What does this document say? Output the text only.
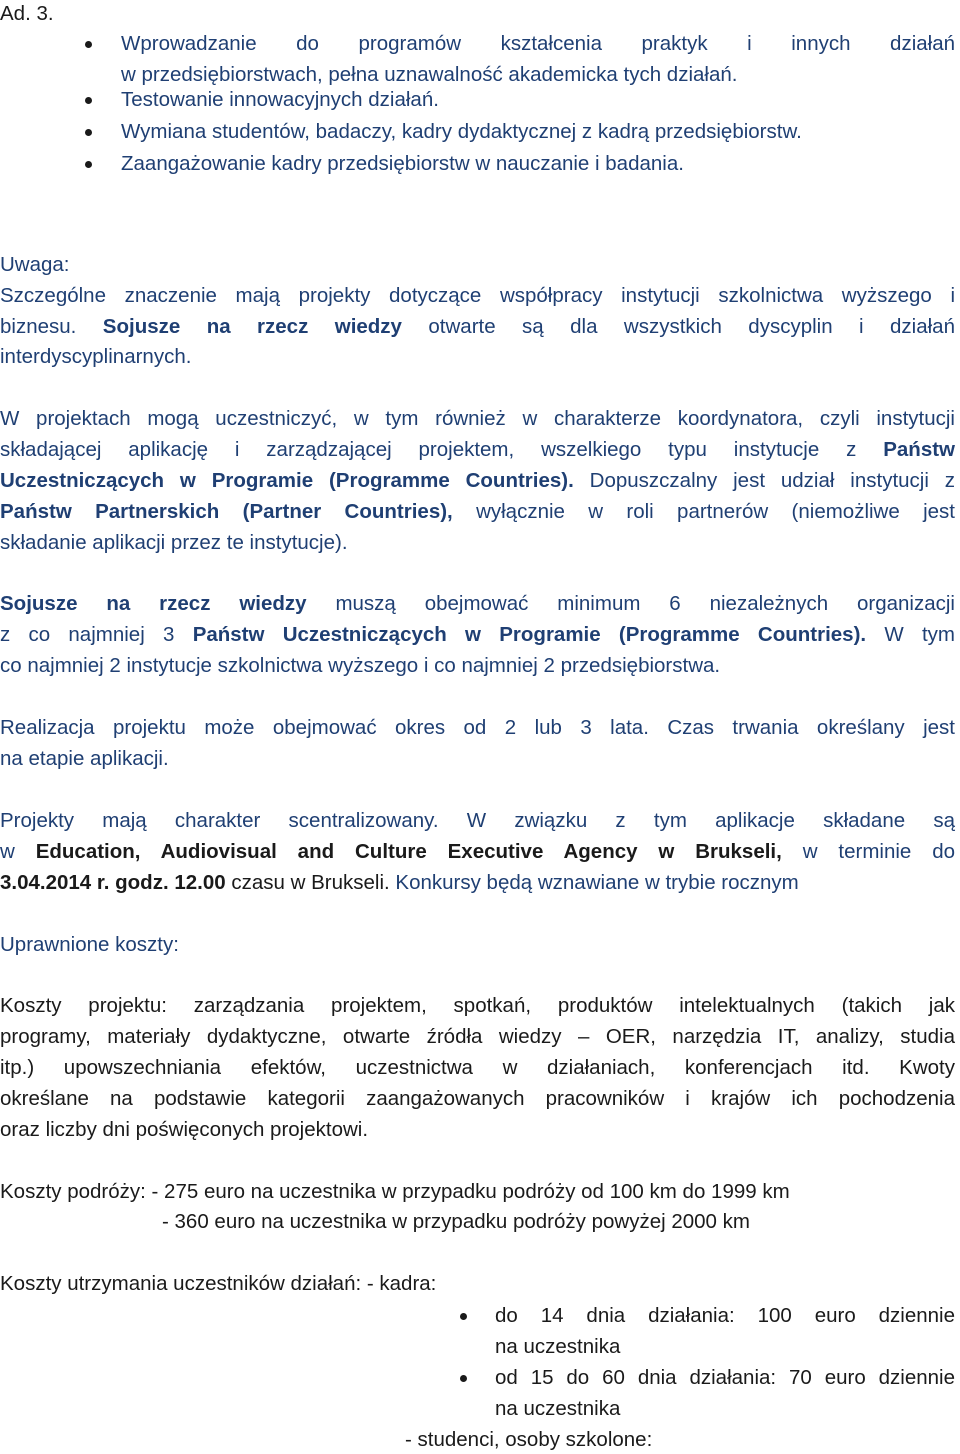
Ad. 3.
Wprowadzanie do programów kształcenia praktyk i innych działań
w przedsiębiorstwach, pełna uznawalność akademicka tych działań.
Testowanie innowacyjnych działań.
Wymiana studentów, badaczy, kadry dydaktycznej z kadrą przedsiębiorstw.
Zaangażowanie kadry przedsiębiorstw w nauczanie i badania.
Uwaga:
Szczególne znaczenie mają projekty dotyczące współpracy instytucji szkolnictwa wyższego i
biznesu. Sojusze na rzecz wiedzy otwarte są dla wszystkich dyscyplin i działań
interdyscyplinarnych.
W projektach mogą uczestniczyć, w tym również w charakterze koordynatora, czyli instytucji
składającej aplikację i zarządzającej projektem, wszelkiego typu instytucje z Państw
Uczestniczących w Programie (Programme Countries). Dopuszczalny jest udział instytucji z
Państw Partnerskich (Partner Countries), wyłącznie w roli partnerów (niemożliwe jest
składanie aplikacji przez te instytucje).
Sojusze na rzecz wiedzy muszą obejmować minimum 6 niezależnych organizacji
z co najmniej 3 Państw Uczestniczących w Programie (Programme Countries). W tym
co najmniej 2 instytucje szkolnictwa wyższego i co najmniej 2 przedsiębiorstwa.
Realizacja projektu może obejmować okres od 2 lub 3 lata. Czas trwania określany jest
na etapie aplikacji.
Projekty mają charakter scentralizowany. W związku z tym aplikacje składane są
w Education, Audiovisual and Culture Executive Agency w Brukseli, w terminie do
3.04.2014 r. godz. 12.00 czasu w Brukseli. Konkursy będą wznawiane w trybie rocznym
Uprawnione koszty:
Koszty projektu: zarządzania projektem, spotkań, produktów intelektualnych (takich jak
programy, materiały dydaktyczne, otwarte źródła wiedzy – OER, narzędzia IT, analizy, studia
itp.) upowszechniania efektów, uczestnictwa w działaniach, konferencjach itd. Kwoty
określane na podstawie kategorii zaangażowanych pracowników i krajów ich pochodzenia
oraz liczby dni poświęconych projektowi.
Koszty podróży: - 275 euro na uczestnika w przypadku podróży od 100 km do 1999 km
- 360 euro na uczestnika w przypadku podróży powyżej 2000 km
Koszty utrzymania uczestników działań: - kadra:
do 14 dnia działania: 100 euro dziennie
na uczestnika
od 15 do 60 dnia działania: 70 euro dziennie
na uczestnika
- studenci, osoby szkolone:
